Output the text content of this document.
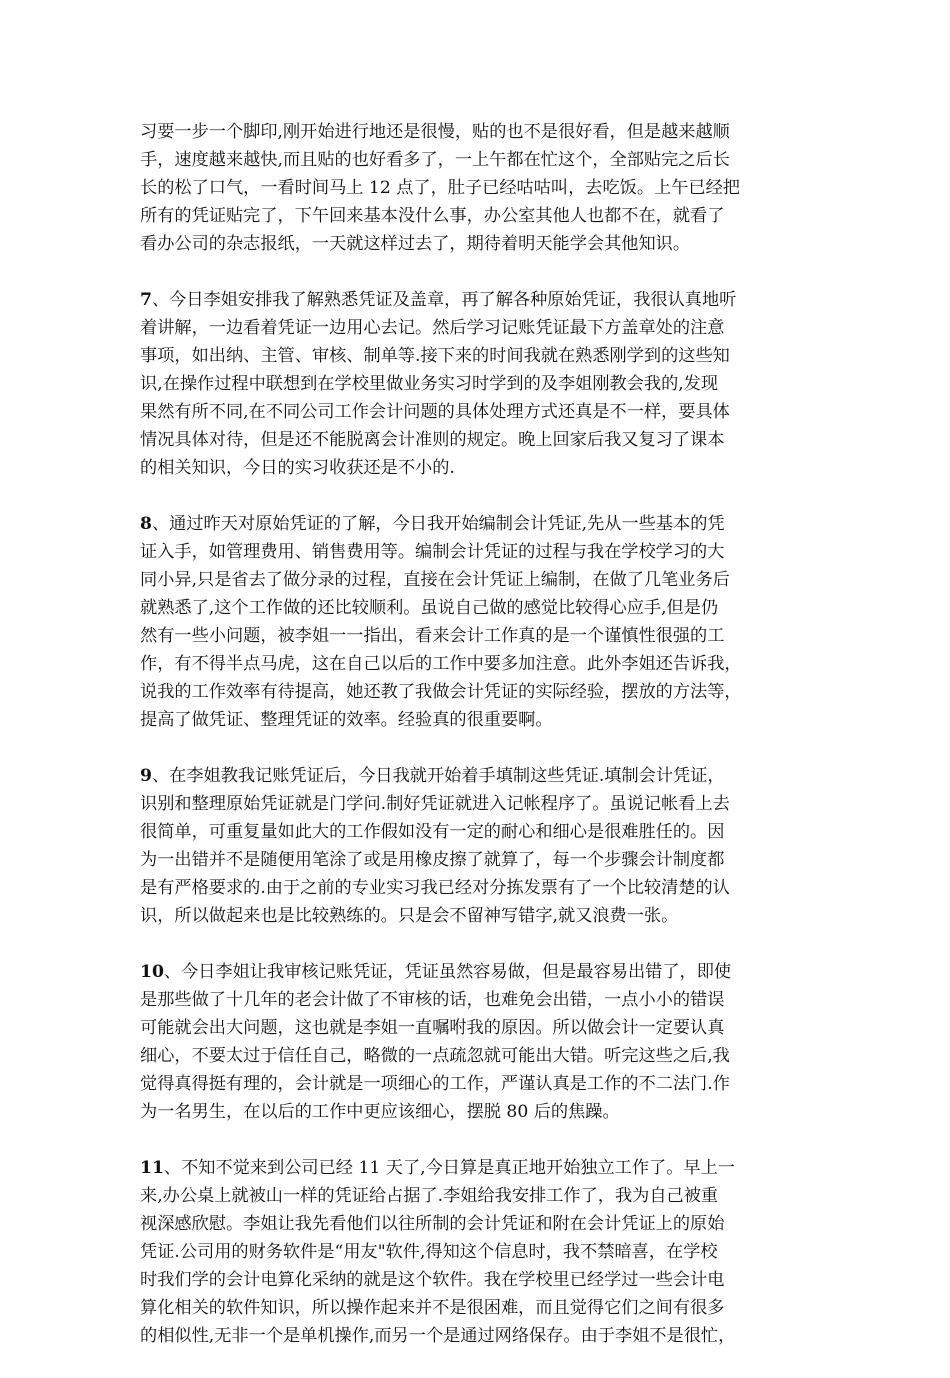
习要一步一个脚印,刚开始进行地还是很慢，贴的也不是很好看，但是越来越顺
手，速度越来越快,而且贴的也好看多了，一上午都在忙这个，全部贴完之后长
长的松了口气，一看时间马上 12 点了，肚子已经咕咕叫，去吃饭。上午已经把
所有的凭证贴完了，下午回来基本没什么事，办公室其他人也都不在，就看了
看办公司的杂志报纸，一天就这样过去了，期待着明天能学会其他知识。

7、今日李姐安排我了解熟悉凭证及盖章，再了解各种原始凭证，我很认真地听
着讲解，一边看着凭证一边用心去记。然后学习记账凭证最下方盖章处的注意
事项，如出纳、主管、审核、制单等.接下来的时间我就在熟悉刚学到的这些知
识,在操作过程中联想到在学校里做业务实习时学到的及李姐刚教会我的,发现
果然有所不同,在不同公司工作会计问题的具体处理方式还真是不一样，要具体
情况具体对待，但是还不能脱离会计准则的规定。晚上回家后我又复习了课本
的相关知识，今日的实习收获还是不小的.

8、通过昨天对原始凭证的了解，今日我开始编制会计凭证,先从一些基本的凭
证入手，如管理费用、销售费用等。编制会计凭证的过程与我在学校学习的大
同小异,只是省去了做分录的过程，直接在会计凭证上编制，在做了几笔业务后
就熟悉了,这个工作做的还比较顺利。虽说自己做的感觉比较得心应手,但是仍
然有一些小问题，被李姐一一指出，看来会计工作真的是一个谨慎性很强的工
作，有不得半点马虎，这在自己以后的工作中要多加注意。此外李姐还告诉我，
说我的工作效率有待提高，她还教了我做会计凭证的实际经验，摆放的方法等，
提高了做凭证、整理凭证的效率。经验真的很重要啊。

9、在李姐教我记账凭证后，今日我就开始着手填制这些凭证.填制会计凭证，
识别和整理原始凭证就是门学问.制好凭证就进入记帐程序了。虽说记帐看上去
很简单，可重复量如此大的工作假如没有一定的耐心和细心是很难胜任的。因
为一出错并不是随便用笔涂了或是用橡皮擦了就算了，每一个步骤会计制度都
是有严格要求的.由于之前的专业实习我已经对分拣发票有了一个比较清楚的认
识，所以做起来也是比较熟练的。只是会不留神写错字,就又浪费一张。

10、今日李姐让我审核记账凭证，凭证虽然容易做，但是最容易出错了，即使
是那些做了十几年的老会计做了不审核的话，也难免会出错，一点小小的错误
可能就会出大问题，这也就是李姐一直嘱咐我的原因。所以做会计一定要认真
细心，不要太过于信任自己，略微的一点疏忽就可能出大错。听完这些之后,我
觉得真得挺有理的，会计就是一项细心的工作，严谨认真是工作的不二法门.作
为一名男生，在以后的工作中更应该细心，摆脱 80 后的焦躁。

11、不知不觉来到公司已经 11 天了,今日算是真正地开始独立工作了。早上一
来,办公桌上就被山一样的凭证给占据了.李姐给我安排工作了，我为自己被重
视深感欣慰。李姐让我先看他们以往所制的会计凭证和附在会计凭证上的原始
凭证.公司用的财务软件是“用友"软件,得知这个信息时，我不禁暗喜，在学校
时我们学的会计电算化采纳的就是这个软件。我在学校里已经学过一些会计电
算化相关的软件知识，所以操作起来并不是很困难，而且觉得它们之间有很多
的相似性,无非一个是单机操作,而另一个是通过网络保存。由于李姐不是很忙，
